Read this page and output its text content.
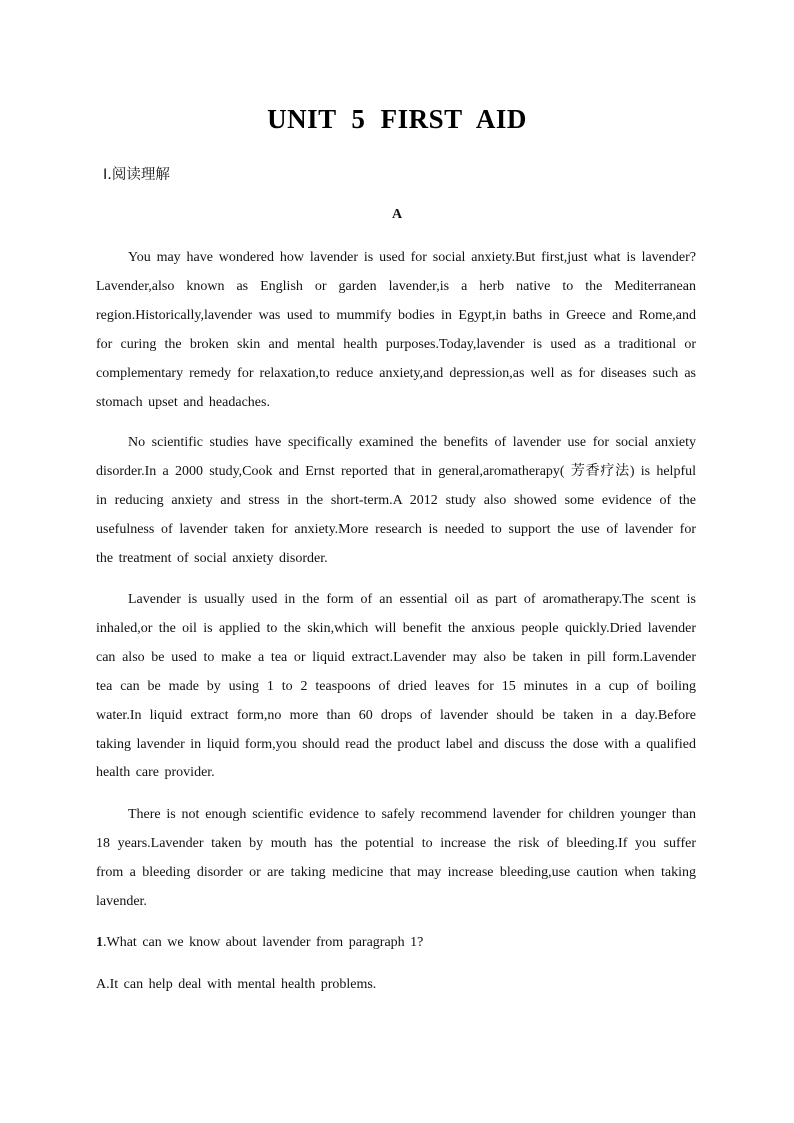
UNIT 5 FIRST AID
Ⅰ.阅读理解
A
You may have wondered how lavender is used for social anxiety.But first,just what is lavender?Lavender,also known as English or garden lavender,is a herb native to the Mediterranean region.Historically,lavender was used to mummify bodies in Egypt,in baths in Greece and Rome,and for curing the broken skin and mental health purposes.Today,lavender is used as a traditional or complementary remedy for relaxation,to reduce anxiety,and depression,as well as for diseases such as stomach upset and headaches.
No scientific studies have specifically examined the benefits of lavender use for social anxiety disorder.In a 2000 study,Cook and Ernst reported that in general,aromatherapy( 芳香疗法) is helpful in reducing anxiety and stress in the short-term.A 2012 study also showed some evidence of the usefulness of lavender taken for anxiety.More research is needed to support the use of lavender for the treatment of social anxiety disorder.
Lavender is usually used in the form of an essential oil as part of aromatherapy.The scent is inhaled,or the oil is applied to the skin,which will benefit the anxious people quickly.Dried lavender can also be used to make a tea or liquid extract.Lavender may also be taken in pill form.Lavender tea can be made by using 1 to 2 teaspoons of dried leaves for 15 minutes in a cup of boiling water.In liquid extract form,no more than 60 drops of lavender should be taken in a day.Before taking lavender in liquid form,you should read the product label and discuss the dose with a qualified health care provider.
There is not enough scientific evidence to safely recommend lavender for children younger than 18 years.Lavender taken by mouth has the potential to increase the risk of bleeding.If you suffer from a bleeding disorder or are taking medicine that may increase bleeding,use caution when taking lavender.
1.What can we know about lavender from paragraph 1?
A.It can help deal with mental health problems.
